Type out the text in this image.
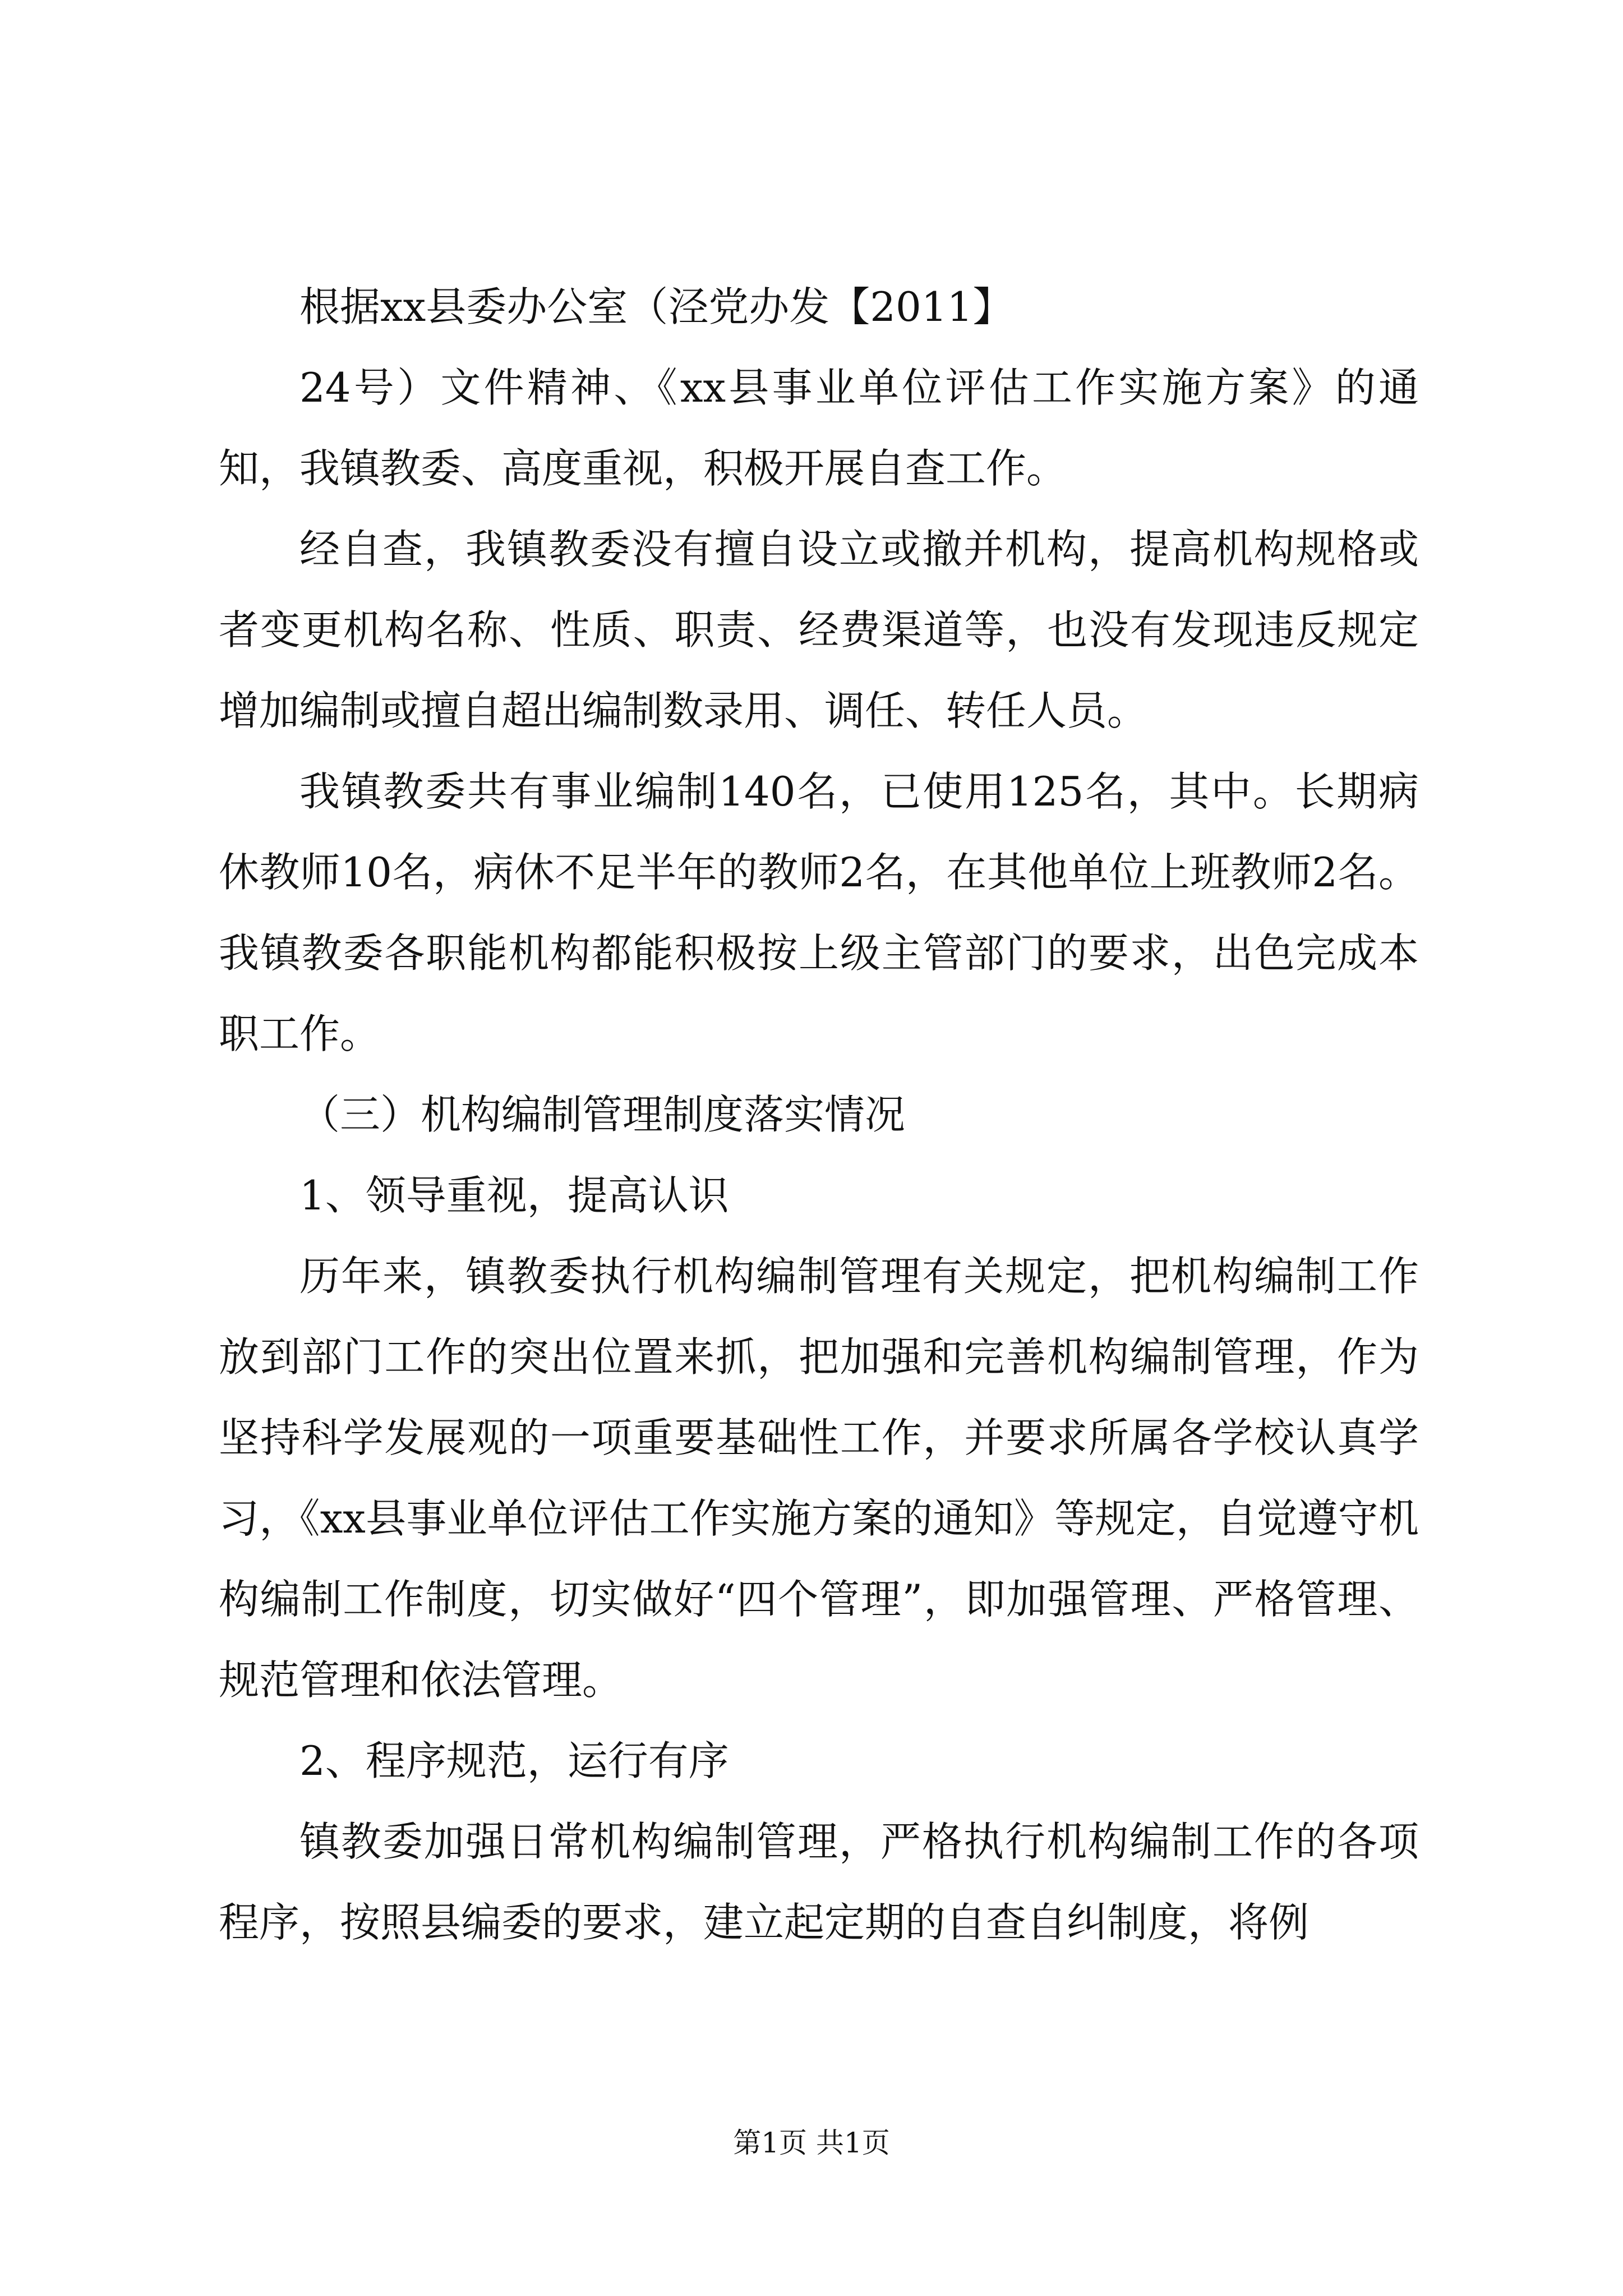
根据xx县委办公室（泾党办发【2011】

24号）文件精神、《xx县事业单位评估工作实施方案》的通知，我镇教委、高度重视，积极开展自查工作。

经自查，我镇教委没有擅自设立或撤并机构，提高机构规格或者变更机构名称、性质、职责、经费渠道等，也没有发现违反规定增加编制或擅自超出编制数录用、调任、转任人员。

我镇教委共有事业编制140名，已使用125名，其中。长期病休教师10名，病休不足半年的教师2名，在其他单位上班教师2名。我镇教委各职能机构都能积极按上级主管部门的要求，出色完成本职工作。

（三）机构编制管理制度落实情况

1、领导重视，提高认识

历年来，镇教委执行机构编制管理有关规定，把机构编制工作放到部门工作的突出位置来抓，把加强和完善机构编制管理，作为坚持科学发展观的一项重要基础性工作，并要求所属各学校认真学习，《xx县事业单位评估工作实施方案的通知》等规定，自觉遵守机构编制工作制度，切实做好“四个管理”，即加强管理、严格管理、规范管理和依法管理。

2、程序规范，运行有序

镇教委加强日常机构编制管理，严格执行机构编制工作的各项程序，按照县编委的要求，建立起定期的自查自纠制度，将例

第1页 共1页
